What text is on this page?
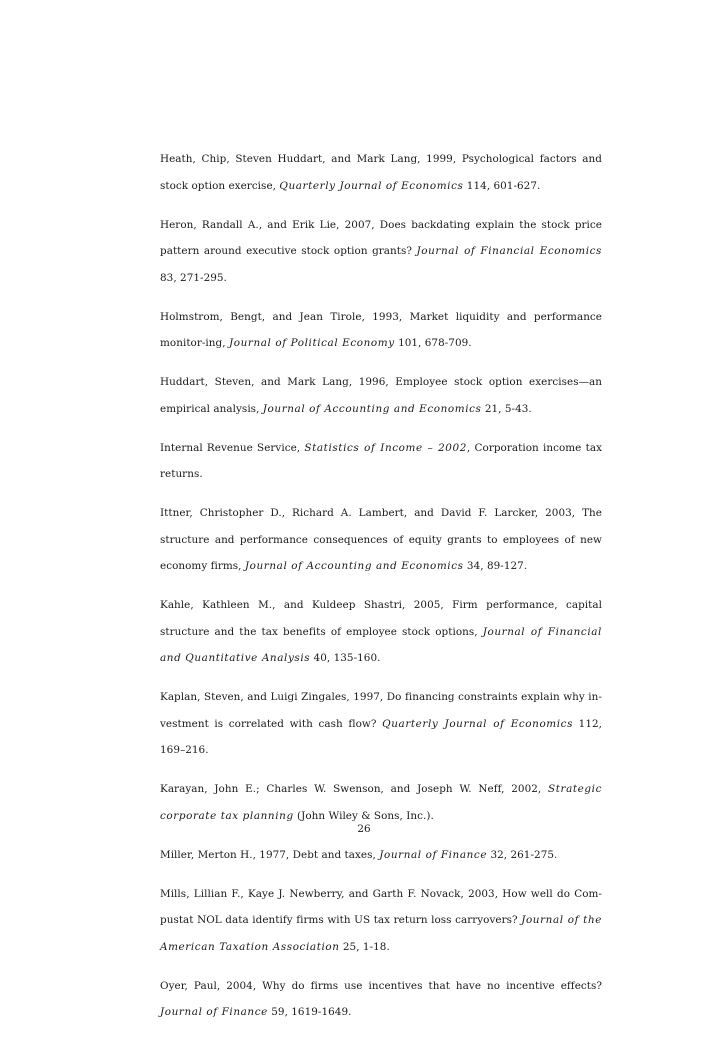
Heath, Chip, Steven Huddart, and Mark Lang, 1999, Psychological factors and stock option exercise, Quarterly Journal of Economics 114, 601-627.

Heron, Randall A., and Erik Lie, 2007, Does backdating explain the stock price pattern around executive stock option grants? Journal of Financial Economics 83, 271-295.

Holmstrom, Bengt, and Jean Tirole, 1993, Market liquidity and performance monitor-ing, Journal of Political Economy 101, 678-709.

Huddart, Steven, and Mark Lang, 1996, Employee stock option exercises—an empirical analysis, Journal of Accounting and Economics 21, 5-43.

Internal Revenue Service, Statistics of Income – 2002, Corporation income tax returns.

Ittner, Christopher D., Richard A. Lambert, and David F. Larcker, 2003, The structure and performance consequences of equity grants to employees of new economy firms, Journal of Accounting and Economics 34, 89-127.

Kahle, Kathleen M., and Kuldeep Shastri, 2005, Firm performance, capital structure and the tax benefits of employee stock options, Journal of Financial and Quantitative Analysis 40, 135-160.

Kaplan, Steven, and Luigi Zingales, 1997, Do financing constraints explain why in-vestment is correlated with cash flow? Quarterly Journal of Economics 112, 169–216.

Karayan, John E.; Charles W. Swenson, and Joseph W. Neff, 2002, Strategic corporate tax planning (John Wiley & Sons, Inc.).

Miller, Merton H., 1977, Debt and taxes, Journal of Finance 32, 261-275.

Mills, Lillian F., Kaye J. Newberry, and Garth F. Novack, 2003, How well do Com-pustat NOL data identify firms with US tax return loss carryovers? Journal of the American Taxation Association 25, 1-18.

Oyer, Paul, 2004, Why do firms use incentives that have no incentive effects? Journal of Finance 59, 1619-1649.

26
